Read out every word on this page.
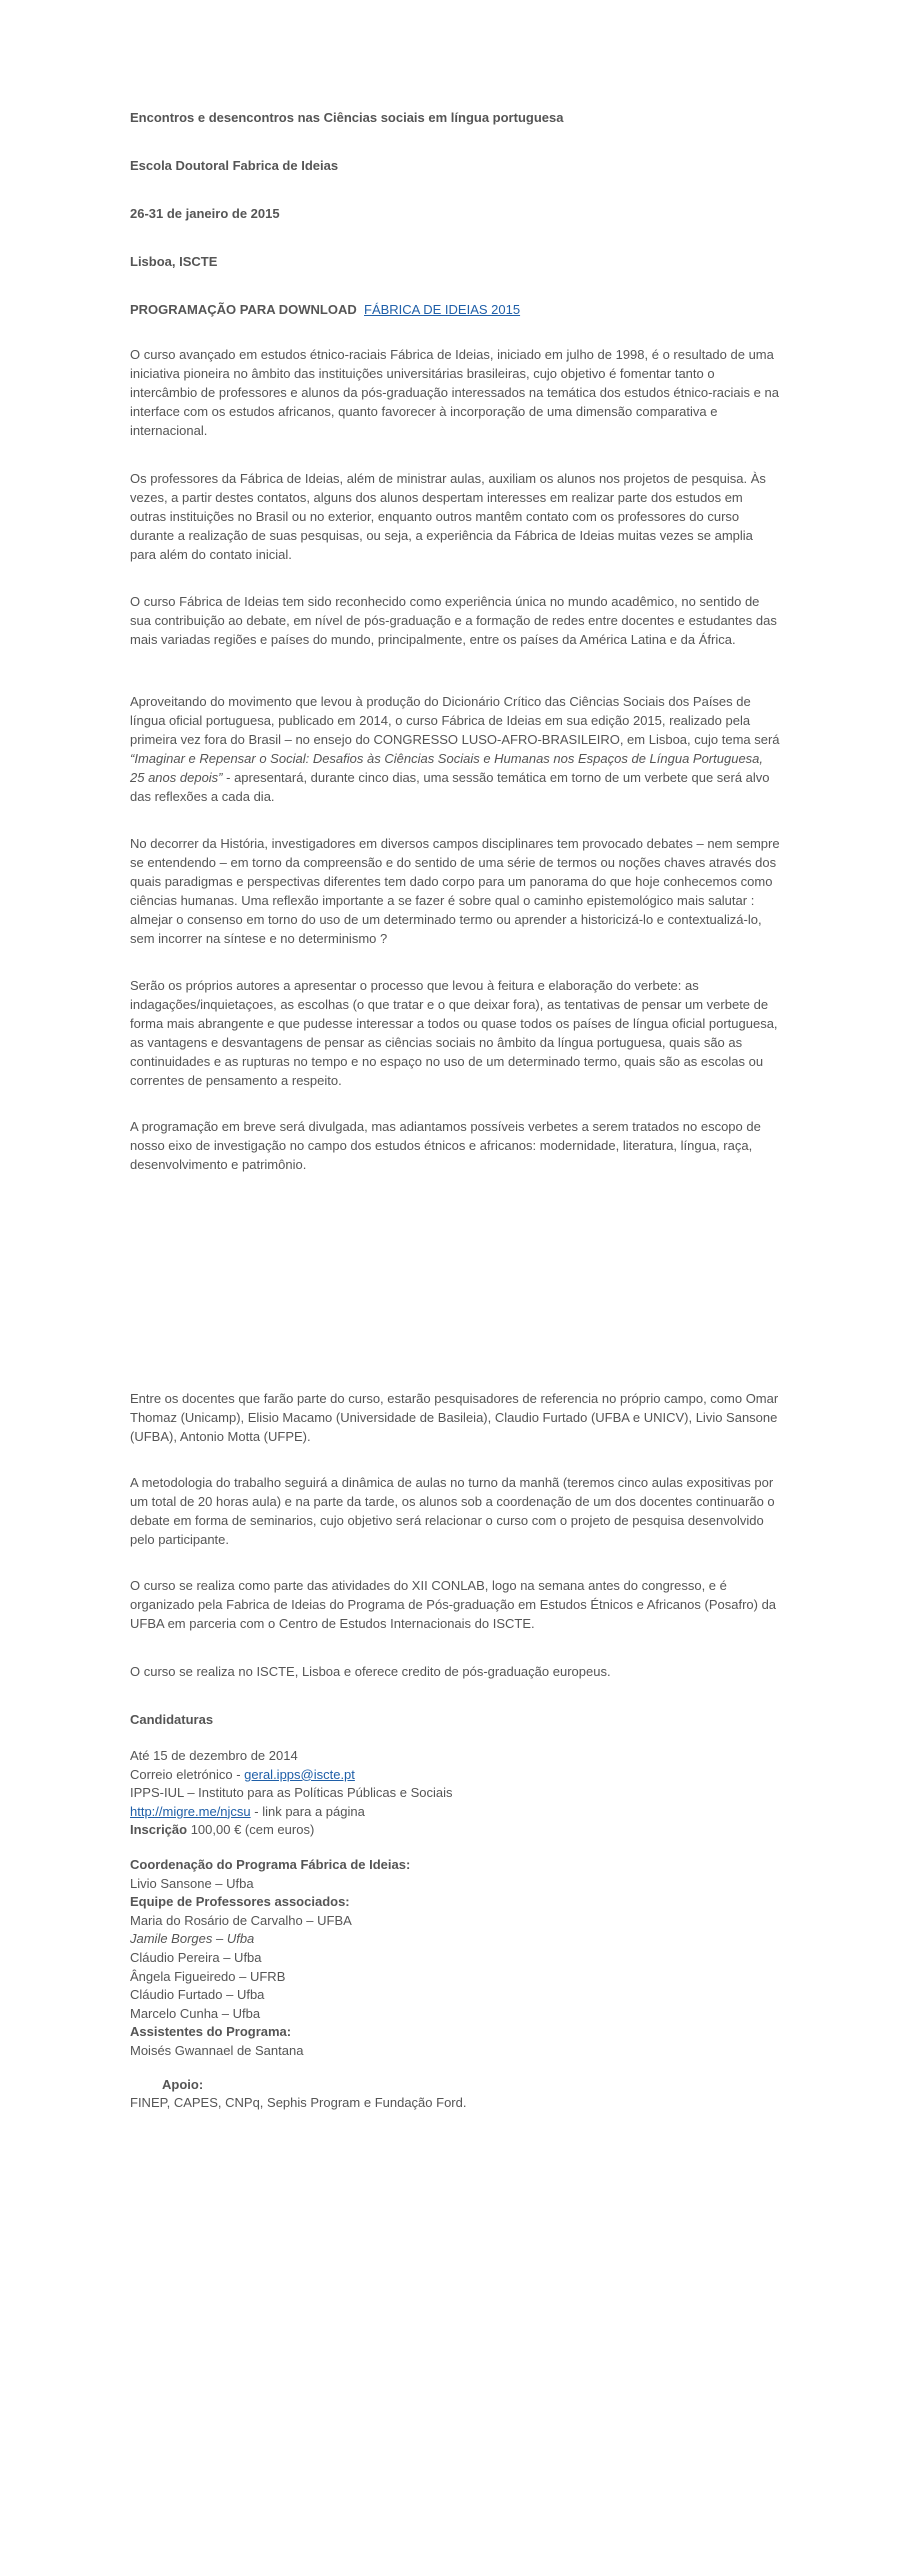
Encontros e desencontros nas Ciências sociais em língua portuguesa
Escola Doutoral Fabrica de Ideias
26-31 de janeiro de 2015
Lisboa, ISCTE
PROGRAMAÇÃO PARA DOWNLOAD FÁBRICA DE IDEIAS 2015

O curso avançado em estudos étnico-raciais Fábrica de Ideias, iniciado em julho de 1998, é o resultado de uma iniciativa pioneira no âmbito das instituições universitárias brasileiras, cujo objetivo é fomentar tanto o intercâmbio de professores e alunos da pós-graduação interessados na temática dos estudos étnico-raciais e na interface com os estudos africanos, quanto favorecer à incorporação de uma dimensão comparativa e internacional.

Os professores da Fábrica de Ideias, além de ministrar aulas, auxiliam os alunos nos projetos de pesquisa. Às vezes, a partir destes contatos, alguns dos alunos despertam interesses em realizar parte dos estudos em outras instituições no Brasil ou no exterior, enquanto outros mantêm contato com os professores do curso durante a realização de suas pesquisas, ou seja, a experiência da Fábrica de Ideias muitas vezes se amplia para além do contato inicial.

O curso Fábrica de Ideias tem sido reconhecido como experiência única no mundo acadêmico, no sentido de sua contribuição ao debate, em nível de pós-graduação e a formação de redes entre docentes e estudantes das mais variadas regiões e países do mundo, principalmente, entre os países da América Latina e da África.

Aproveitando do movimento que levou à produção do Dicionário Crítico das Ciências Sociais dos Países de língua oficial portuguesa, publicado em 2014, o curso Fábrica de Ideias em sua edição 2015, realizado pela primeira vez fora do Brasil – no ensejo do CONGRESSO LUSO-AFRO-BRASILEIRO, em Lisboa, cujo tema será “Imaginar e Repensar o Social: Desafios às Ciências Sociais e Humanas nos Espaços de Língua Portuguesa, 25 anos depois” - apresentará, durante cinco dias, uma sessão temática em torno de um verbete que será alvo das reflexões a cada dia.

No decorrer da História, investigadores em diversos campos disciplinares tem provocado debates – nem sempre se entendendo – em torno da compreensão e do sentido de uma série de termos ou noções chaves através dos quais paradigmas e perspectivas diferentes tem dado corpo para um panorama do que hoje conhecemos como ciências humanas. Uma reflexão importante a se fazer é sobre qual o caminho epistemológico mais salutar : almejar o consenso em torno do uso de um determinado termo ou aprender a historicizá-lo e contextualizá-lo, sem incorrer na síntese e no determinismo ?

Serão os próprios autores a apresentar o processo que levou à feitura e elaboração do verbete: as indagações/inquietaçoes, as escolhas (o que tratar e o que deixar fora), as tentativas de pensar um verbete de forma mais abrangente e que pudesse interessar a todos ou quase todos os países de língua oficial portuguesa, as vantagens e desvantagens de pensar as ciências sociais no âmbito da língua portuguesa, quais são as continuidades e as rupturas no tempo e no espaço no uso de um determinado termo, quais são as escolas ou correntes de pensamento a respeito.

A programação em breve será divulgada, mas adiantamos possíveis verbetes a serem tratados no escopo de nosso eixo de investigação no campo dos estudos étnicos e africanos: modernidade, literatura, língua, raça, desenvolvimento e patrimônio.

Entre os docentes que farão parte do curso, estarão pesquisadores de referencia no próprio campo, como Omar Thomaz (Unicamp), Elisio Macamo (Universidade de Basileia), Claudio Furtado (UFBA e UNICV), Livio Sansone (UFBA), Antonio Motta (UFPE).

A metodologia do trabalho seguirá a dinâmica de aulas no turno da manhã (teremos cinco aulas expositivas por um total de 20 horas aula) e na parte da tarde, os alunos sob a coordenação de um dos docentes continuarão o debate em forma de seminarios, cujo objetivo será relacionar o curso com o projeto de pesquisa desenvolvido pelo participante.

O curso se realiza como parte das atividades do XII CONLAB, logo na semana antes do congresso, e é organizado pela Fabrica de Ideias do Programa de Pós-graduação em Estudos Étnicos e Africanos (Posafro) da UFBA em parceria com o Centro de Estudos Internacionais do ISCTE.

O curso se realiza no ISCTE, Lisboa e oferece credito de pós-graduação europeus.

Candidaturas
Até 15 de dezembro de 2014
Correio eletrónico - geral.ipps@iscte.pt
IPPS-IUL – Instituto para as Políticas Públicas e Sociais
http://migre.me/njcsu - link para a página
Inscrição 100,00 € (cem euros)
Coordenação do Programa Fábrica de Ideias:
Livio Sansone – Ufba
Equipe de Professores associados:
Maria do Rosário de Carvalho – UFBA
Jamile Borges – Ufba
Cláudio Pereira – Ufba
Ângela Figueiredo – UFRB
Cláudio Furtado – Ufba
Marcelo Cunha – Ufba
Assistentes do Programa:
Moisés Gwannael de Santana
Apoio:
FINEP, CAPES, CNPq, Sephis Program e Fundação Ford.
